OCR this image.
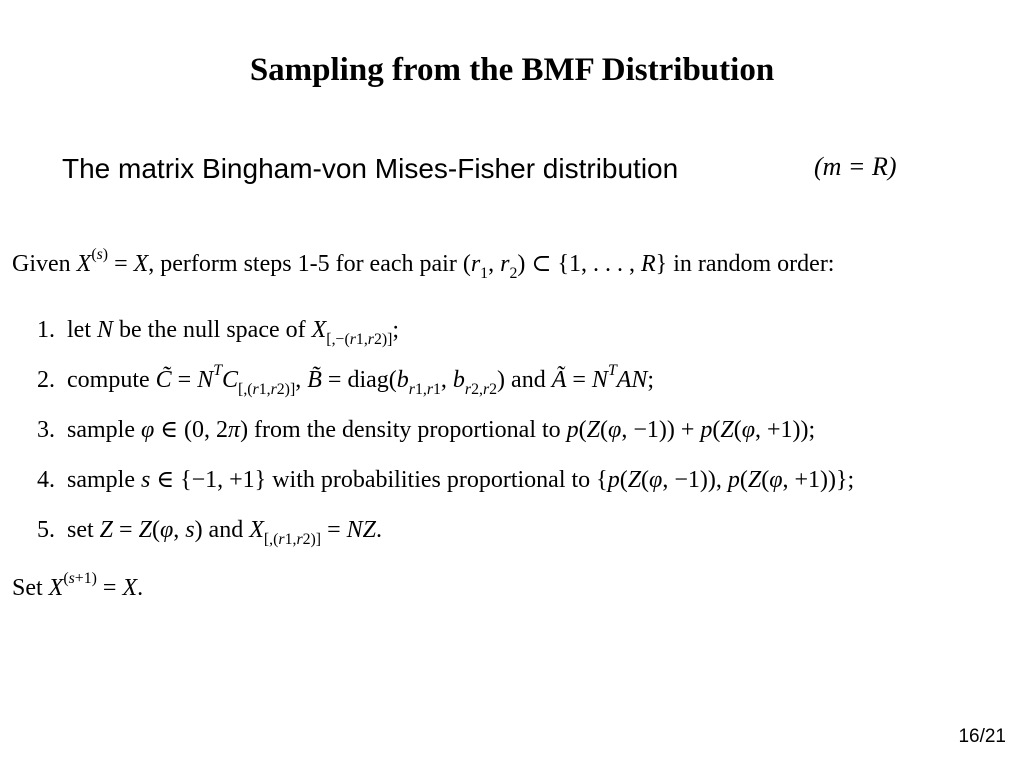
Sampling from the BMF Distribution
The matrix Bingham-von Mises-Fisher distribution	(m = R)
Given $X^{(s)} = X$, perform steps 1-5 for each pair ($r_1$, $r_2$) ⊂ {1, . . . , R} in random order:
1. let N be the null space of $X_{[,-(r1,r2)]}$;
2. compute C̃ = $N^TC_{[,(r1,r2)]}$, B̃ = $diag(b_{r1,r1}$, $b_{r2,r2}$) and Ã = $N^TAN$;
3. sample φ ∈ (0, 2π) from the density proportional to p(Z(φ, −1)) + p(Z(φ, +1));
4. sample s ∈ {−1, +1} with probabilities proportional to {p(Z(φ, −1)), p(Z(φ, +1))};
5. set Z = Z(φ, s) and $X_{[,(r1,r2)]}$ = NZ.
Set $X^{(s+1)} = X$.
16/21
